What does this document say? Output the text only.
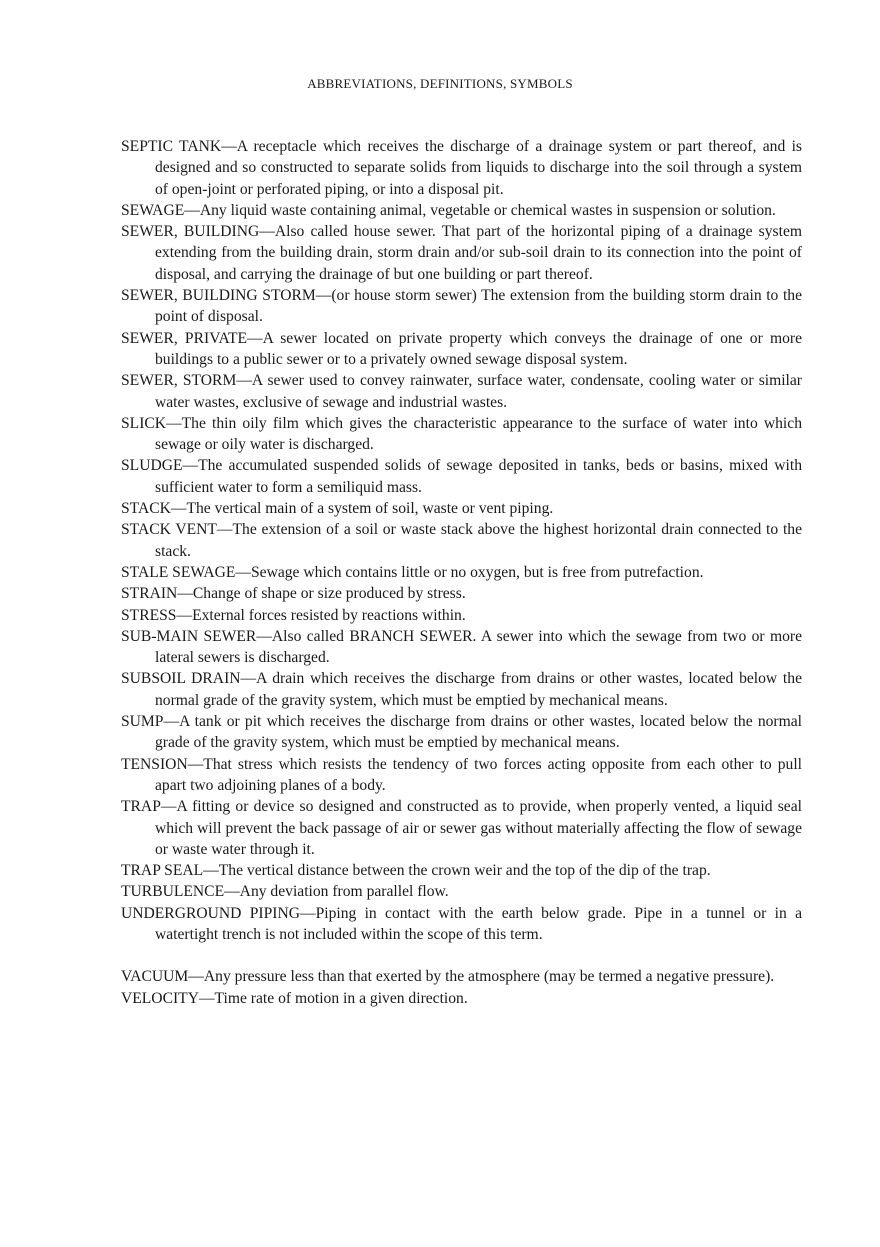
ABBREVIATIONS, DEFINITIONS, SYMBOLS

SEPTIC TANK—A receptacle which receives the discharge of a drainage system or part thereof, and is designed and so constructed to separate solids from liquids to discharge into the soil through a system of open-joint or perforated piping, or into a disposal pit.

SEWAGE—Any liquid waste containing animal, vegetable or chemical wastes in suspension or solution.

SEWER, BUILDING—Also called house sewer. That part of the horizontal piping of a drainage system extending from the building drain, storm drain and/or sub-soil drain to its connection into the point of disposal, and carrying the drainage of but one building or part thereof.

SEWER, BUILDING STORM—(or house storm sewer) The extension from the building storm drain to the point of disposal.

SEWER, PRIVATE—A sewer located on private property which conveys the drainage of one or more buildings to a public sewer or to a privately owned sewage disposal system.

SEWER, STORM—A sewer used to convey rainwater, surface water, condensate, cooling water or similar water wastes, exclusive of sewage and industrial wastes.

SLICK—The thin oily film which gives the characteristic appearance to the surface of water into which sewage or oily water is discharged.

SLUDGE—The accumulated suspended solids of sewage deposited in tanks, beds or basins, mixed with sufficient water to form a semiliquid mass.

STACK—The vertical main of a system of soil, waste or vent piping.

STACK VENT—The extension of a soil or waste stack above the highest horizontal drain connected to the stack.

STALE SEWAGE—Sewage which contains little or no oxygen, but is free from putrefaction.

STRAIN—Change of shape or size produced by stress.

STRESS—External forces resisted by reactions within.

SUB-MAIN SEWER—Also called BRANCH SEWER. A sewer into which the sewage from two or more lateral sewers is discharged.

SUBSOIL DRAIN—A drain which receives the discharge from drains or other wastes, located below the normal grade of the gravity system, which must be emptied by mechanical means.

SUMP—A tank or pit which receives the discharge from drains or other wastes, located below the normal grade of the gravity system, which must be emptied by mechanical means.

TENSION—That stress which resists the tendency of two forces acting opposite from each other to pull apart two adjoining planes of a body.

TRAP—A fitting or device so designed and constructed as to provide, when properly vented, a liquid seal which will prevent the back passage of air or sewer gas without materially affecting the flow of sewage or waste water through it.

TRAP SEAL—The vertical distance between the crown weir and the top of the dip of the trap.

TURBULENCE—Any deviation from parallel flow.

UNDERGROUND PIPING—Piping in contact with the earth below grade. Pipe in a tunnel or in a watertight trench is not included within the scope of this term.

VACUUM—Any pressure less than that exerted by the atmosphere (may be termed a negative pressure).

VELOCITY—Time rate of motion in a given direction.
